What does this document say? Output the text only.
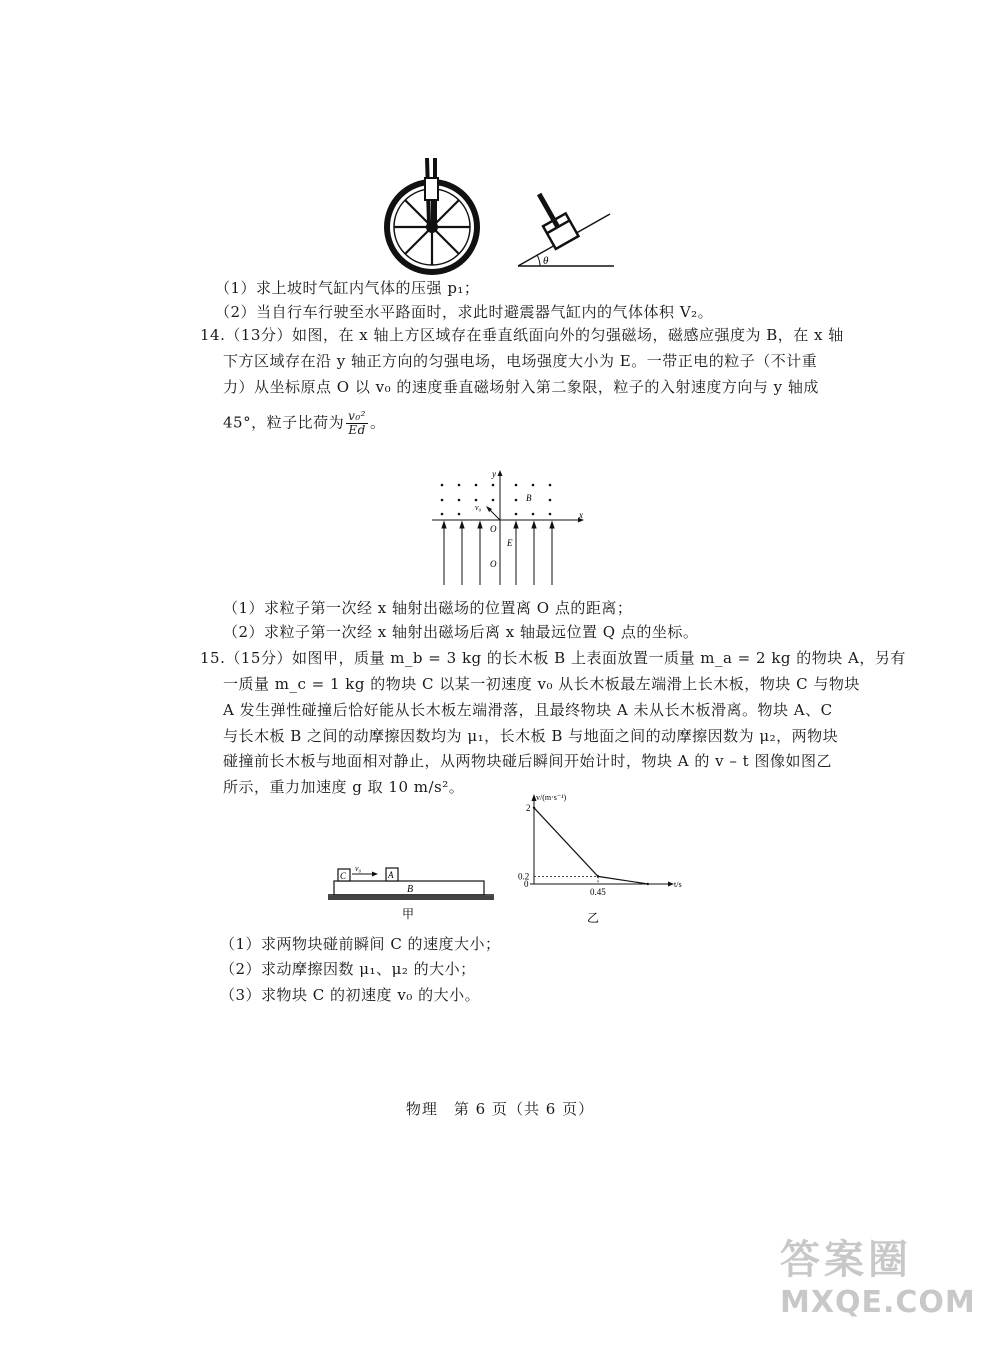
θ
（1）求上坡时气缸内气体的压强 p₁；
（2）当自行车行驶至水平路面时，求此时避震器气缸内的气体体积 V₂。
14.（13分）如图，在 x 轴上方区域存在垂直纸面向外的匀强磁场，磁感应强度为 B，在 x 轴
下方区域存在沿 y 轴正方向的匀强电场，电场强度大小为 E。一带正电的粒子（不计重
力）从坐标原点 O 以 v₀ 的速度垂直磁场射入第二象限，粒子的入射速度方向与 y 轴成
45°，粒子比荷为 $\frac{\text{v₀²}}{Ed}$ 。
x
y
B
v₀
O
E
O
（1）求粒子第一次经 x 轴射出磁场的位置离 O 点的距离；
（2）求粒子第一次经 x 轴射出磁场后离 x 轴最远位置 Q 点的坐标。
15.（15分）如图甲，质量 m_b = 3 kg 的长木板 B 上表面放置一质量 m_a = 2 kg 的物块 A，另有
一质量 m_c = 1 kg 的物块 C 以某一初速度 v₀ 从长木板最左端滑上长木板，物块 C 与物块
A 发生弹性碰撞后恰好能从长木板左端滑落，且最终物块 A 未从长木板滑离。物块 A、C
与长木板 B 之间的动摩擦因数均为 μ₁，长木板 B 与地面之间的动摩擦因数为 μ₂，两物块
碰撞前长木板与地面相对静止，从两物块碰后瞬间开始计时，物块 A 的 v – t 图像如图乙
所示，重力加速度 g 取 10 m/s²。
B
C
v₀
A
甲
v/(m·s⁻¹)
t/s
0
2
0.2
0.45
乙
（1）求两物块碰前瞬间 C 的速度大小；
（2）求动摩擦因数 μ₁、μ₂ 的大小；
（3）求物块 C 的初速度 v₀ 的大小。
物理　第 6 页（共 6 页）
答案圈
MXQE.COM
